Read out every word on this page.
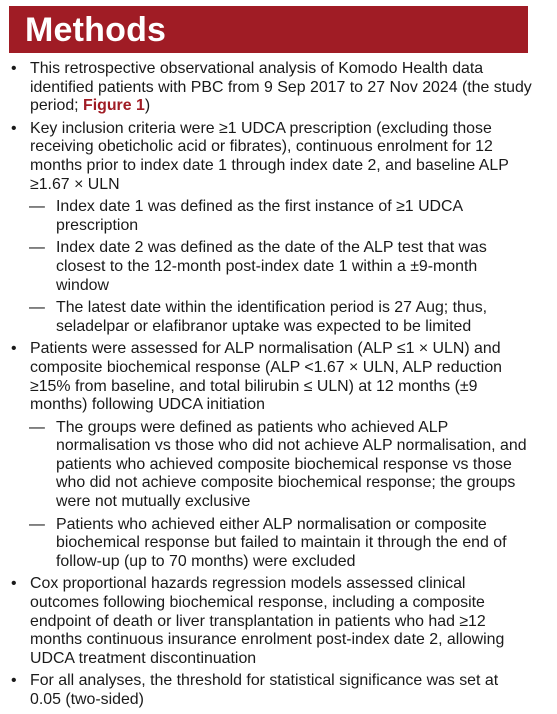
Methods
• This retrospective observational analysis of Komodo Health data identified patients with PBC from 9 Sep 2017 to 27 Nov 2024 (the study period; Figure 1)
• Key inclusion criteria were ≥1 UDCA prescription (excluding those receiving obeticholic acid or fibrates), continuous enrolment for 12 months prior to index date 1 through index date 2, and baseline ALP ≥1.67 × ULN
— Index date 1 was defined as the first instance of ≥1 UDCA prescription
— Index date 2 was defined as the date of the ALP test that was closest to the 12-month post-index date 1 within a ±9-month window
— The latest date within the identification period is 27 Aug; thus, seladelpar or elafibranor uptake was expected to be limited
• Patients were assessed for ALP normalisation (ALP ≤1 × ULN) and composite biochemical response (ALP <1.67 × ULN, ALP reduction ≥15% from baseline, and total bilirubin ≤ ULN) at 12 months (±9 months) following UDCA initiation
— The groups were defined as patients who achieved ALP normalisation vs those who did not achieve ALP normalisation, and patients who achieved composite biochemical response vs those who did not achieve composite biochemical response; the groups were not mutually exclusive
— Patients who achieved either ALP normalisation or composite biochemical response but failed to maintain it through the end of follow-up (up to 70 months) were excluded
• Cox proportional hazards regression models assessed clinical outcomes following biochemical response, including a composite endpoint of death or liver transplantation in patients who had ≥12 months continuous insurance enrolment post-index date 2, allowing UDCA treatment discontinuation
• For all analyses, the threshold for statistical significance was set at 0.05 (two-sided)
